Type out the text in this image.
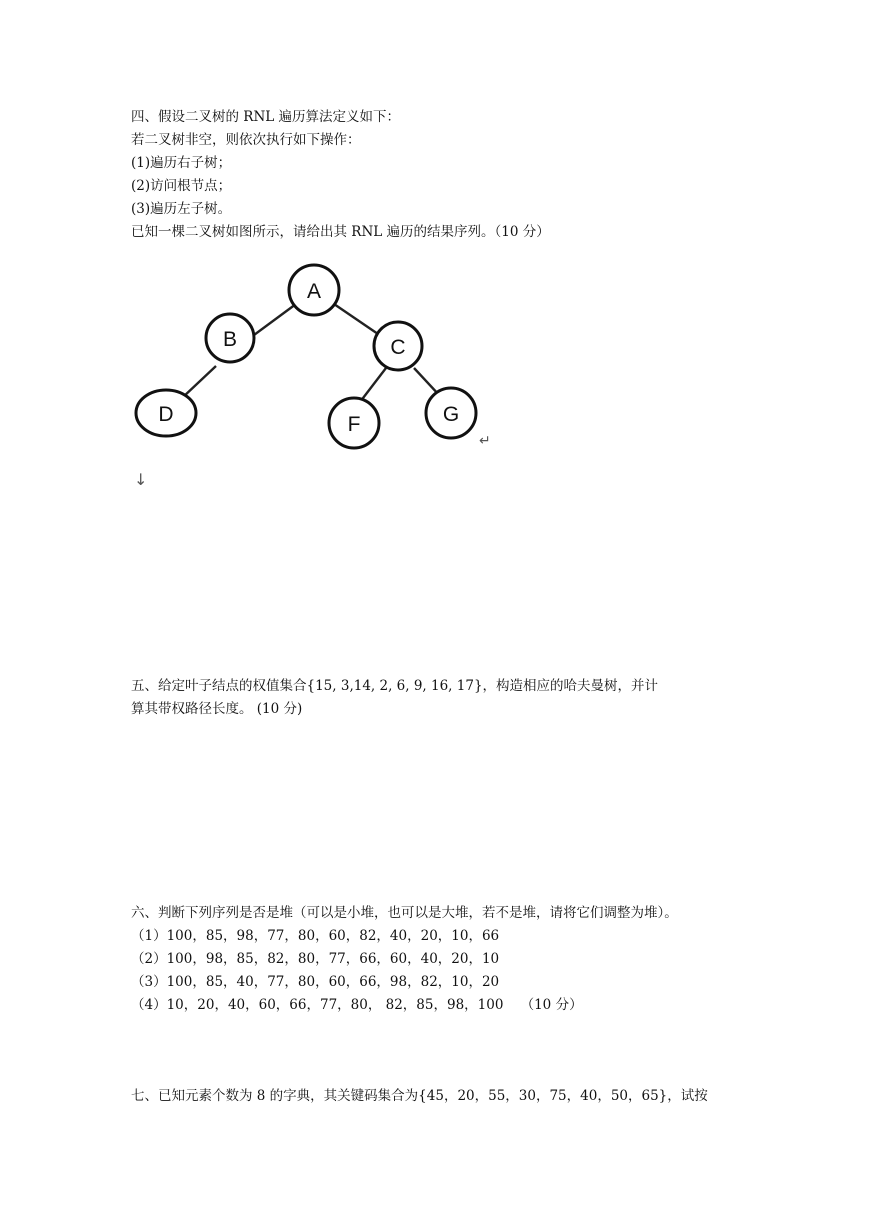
四、假设二叉树的 RNL 遍历算法定义如下：
若二叉树非空，则依次执行如下操作：
(1)遍历右子树；
(2)访问根节点；
(3)遍历左子树。
已知一棵二叉树如图所示，请给出其 RNL 遍历的结果序列。（10 分）
A
B	C
D	F	G
↵
↓
五、给定叶子结点的权值集合{15, 3,14, 2, 6, 9, 16, 17}，构造相应的哈夫曼树，并计
算其带权路径长度。 (10 分)
六、判断下列序列是否是堆（可以是小堆，也可以是大堆，若不是堆，请将它们调整为堆）。
（1）100，85，98，77，80，60，82，40，20，10，66
（2）100，98，85，82，80，77，66，60，40，20，10
（3）100，85，40，77，80，60，66，98，82，10，20
（4）10，20，40，60，66，77，80， 82，85，98，100    （10 分）
七、已知元素个数为 8 的字典，其关键码集合为{45，20，55，30，75，40，50，65}，试按
